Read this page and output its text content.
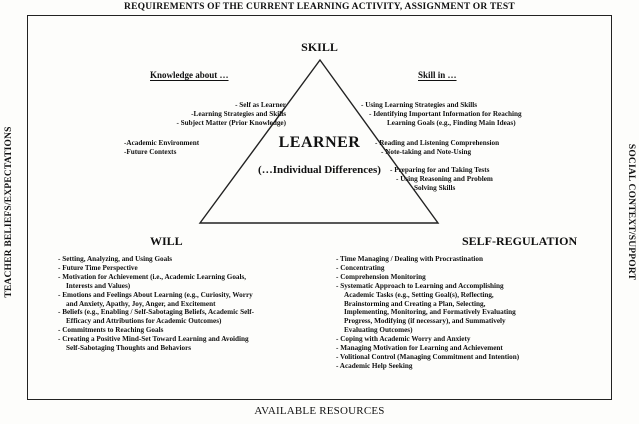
REQUIREMENTS OF THE CURRENT LEARNING ACTIVITY, ASSIGNMENT OR TEST
AVAILABLE RESOURCES
TEACHER BELIEFS/EXPECTATIONS	SOCIAL CONTEXT/SUPPORT
SKILL
Knowledge about …	Skill in …
- Self as Learner
-Learning Strategies and Skills
- Subject Matter (Prior Knowledge)
-Academic Environment
-Future Contexts
- Using Learning Strategies and Skills
- Identifying Important Information for Reaching
Learning Goals (e.g., Finding Main Ideas)
- Reading and Listening Comprehension
- Note-taking and Note-Using
- Preparing for and Taking Tests
- Using Reasoning and Problem
Solving Skills
LEARNER
(…Individual Differences)
WILL
- Setting, Analyzing, and Using Goals
- Future Time Perspective
- Motivation for Achievement (i.e., Academic Learning Goals,
Interests and Values)
- Emotions and Feelings About Learning (e.g., Curiosity, Worry
and Anxiety, Apathy, Joy, Anger, and Excitement
- Beliefs (e.g., Enabling / Self-Sabotaging Beliefs, Academic Self-
Efficacy and Attributions for Academic Outcomes)
- Commitments to Reaching Goals
- Creating a Positive Mind-Set Toward Learning and Avoiding
Self-Sabotaging Thoughts and Behaviors
SELF-REGULATION
- Time Managing / Dealing with Procrastination
- Concentrating
- Comprehension Monitoring
- Systematic Approach to Learning and Accomplishing
Academic Tasks (e.g., Setting Goal(s), Reflecting,
Brainstorming and Creating a Plan, Selecting,
Implementing, Monitoring, and Formatively Evaluating
Progress, Modifying (if necessary), and Summatively
Evaluating Outcomes)
- Coping with Academic Worry and Anxiety
- Managing Motivation for Learning and Achievement
- Volitional Control (Managing Commitment and Intention)
- Academic Help Seeking
